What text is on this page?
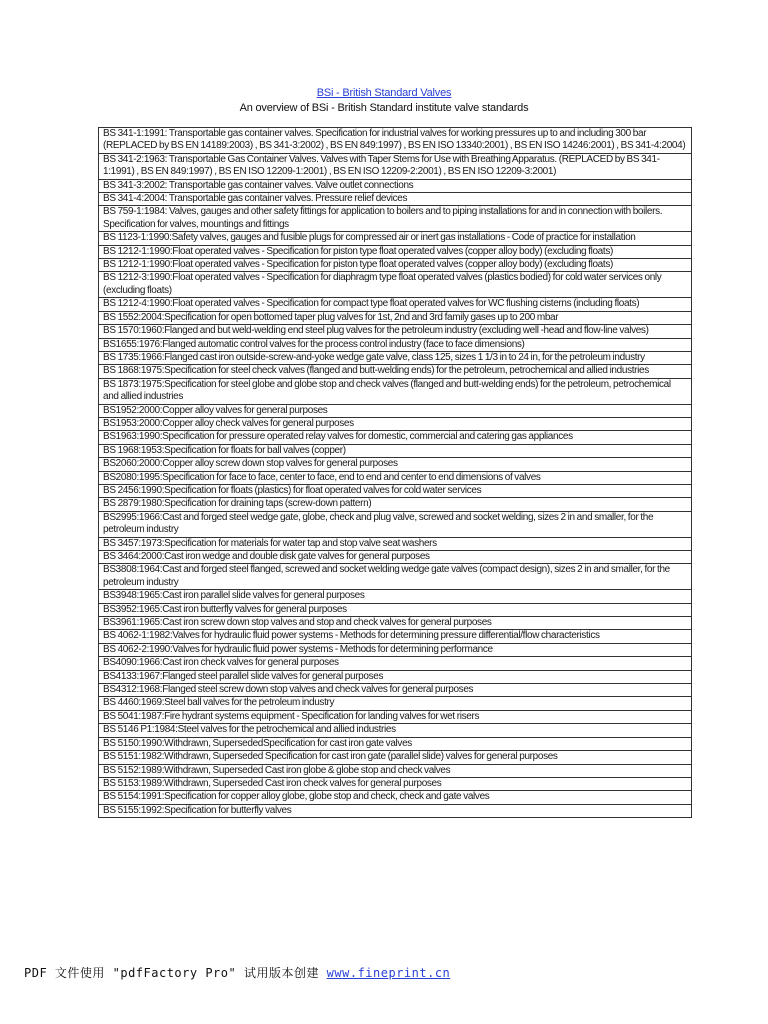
BSi - British Standard Valves
An overview of BSi - British Standard institute valve standards
BS 341-1:1991: Transportable gas container valves. Specification for industrial valves for working pressures up to and including 300 bar (REPLACED by BS EN 14189:2003) , BS 341-3:2002) , BS EN 849:1997) , BS EN ISO 13340:2001) , BS EN ISO 14246:2001) , BS 341-4:2004)
BS 341-2:1963: Transportable Gas Container Valves. Valves with Taper Stems for Use with Breathing Apparatus. (REPLACED by BS 341-1:1991) , BS EN 849:1997) , BS EN ISO 12209-1:2001) , BS EN ISO 12209-2:2001) , BS EN ISO 12209-3:2001)
BS 341-3:2002: Transportable gas container valves. Valve outlet connections
BS 341-4:2004: Transportable gas container valves. Pressure relief devices
BS 759-1:1984: Valves, gauges and other safety fittings for application to boilers and to piping installations for and in connection with boilers. Specification for valves, mountings and fittings
BS 1123-1:1990:Safety valves, gauges and fusible plugs for compressed air or inert gas installations - Code of practice for installation
BS 1212-1:1990:Float operated valves - Specification for piston type float operated valves (copper alloy body) (excluding floats)
BS 1212-1:1990:Float operated valves - Specification for piston type float operated valves (copper alloy body) (excluding floats)
BS 1212-3:1990:Float operated valves - Specification for diaphragm type float operated valves (plastics bodied) for cold water services only (excluding floats)
BS 1212-4:1990:Float operated valves - Specification for compact type float operated valves for WC flushing cisterns (including floats)
BS 1552:2004:Specification for open bottomed taper plug valves for 1st, 2nd and 3rd family gases up to 200 mbar
BS 1570:1960:Flanged and but weld-welding end steel plug valves for the petroleum industry (excluding well -head and flow-line valves)
BS1655:1976:Flanged automatic control valves for the process control industry (face to face dimensions)
BS 1735:1966:Flanged cast iron outside-screw-and-yoke wedge gate valve, class 125, sizes 1 1/3 in to 24 in, for the petroleum industry
BS 1868:1975:Specification for steel check valves (flanged and butt-welding ends) for the petroleum, petrochemical and allied industries
BS 1873:1975:Specification for steel globe and globe stop and check valves (flanged and butt-welding ends) for the petroleum, petrochemical and allied industries
BS1952:2000:Copper alloy valves for general purposes
BS1953:2000:Copper alloy check valves for general purposes
BS1963:1990:Specification for pressure operated relay valves for domestic, commercial and catering gas appliances
BS 1968:1953:Specification for floats for ball valves (copper)
BS2060:2000:Copper alloy screw down stop valves for general purposes
BS2080:1995:Specification for face to face, center to face, end to end and center to end dimensions of valves
BS 2456:1990:Specification for floats (plastics) for float operated valves for cold water services
BS 2879:1980:Specification for draining taps (screw-down pattern)
BS2995:1966:Cast and forged steel wedge gate, globe, check and plug valve, screwed and socket welding, sizes 2 in and smaller, for the petroleum industry
BS 3457:1973:Specification for materials for water tap and stop valve seat washers
BS 3464:2000:Cast iron wedge and double disk gate valves for general purposes
BS3808:1964:Cast and forged steel flanged, screwed and socket welding wedge gate valves (compact design), sizes 2 in and smaller, for the petroleum industry
BS3948:1965:Cast iron parallel slide valves for general purposes
BS3952:1965:Cast iron butterfly valves for general purposes
BS3961:1965:Cast iron screw down stop valves and stop and check valves for general purposes
BS 4062-1:1982:Valves for hydraulic fluid power systems - Methods for determining pressure differential/flow characteristics
BS 4062-2:1990:Valves for hydraulic fluid power systems - Methods for determining performance
BS4090:1966:Cast iron check valves for general purposes
BS4133:1967:Flanged steel parallel slide valves for general purposes
BS4312:1968:Flanged steel screw down stop valves and check valves for general purposes
BS 4460:1969:Steel ball valves for the petroleum industry
BS 5041:1987:Fire hydrant systems equipment - Specification for landing valves for wet risers
BS 5146 P1:1984:Steel valves for the petrochemical and allied industries
BS 5150:1990:Withdrawn, SupersededSpecification for cast iron gate valves
BS 5151:1982:Withdrawn, Superseded Specification for cast iron gate (parallel slide) valves for general purposes
BS 5152:1989:Withdrawn, Superseded Cast iron globe & globe stop and check valves
BS 5153:1989:Withdrawn, Superseded Cast iron check valves for general purposes
BS 5154:1991:Specification for copper alloy globe, globe stop and check, check and gate valves
BS 5155:1992:Specification for butterfly valves
PDF 文件使用 "pdfFactory Pro" 试用版本创建 www.fineprint.cn
